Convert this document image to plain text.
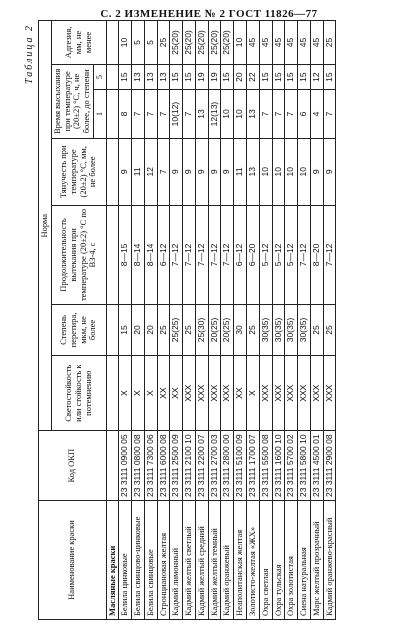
С. 2 ИЗМЕНЕНИЕ № 2 ГОСТ 11826—77
Таблица 2
Наименование краски	Код ОКП	Норма						
		Светостойкость или стойкость к потемнению	Степень перетира, мкм, не более	Продолжительность вытекания при температуре (20±2) °С по ВЗ-4, с	Тянучесть при температуре (20±2) °С, мм, не более	Время высыхания при температуре (20±2) °С, ч, не более, до степени		Адгезия, мм, не менее
						1	5	
Масляные краски								
Белила цинковые	23 3111 0900 05	Х	15	8—15	9	8	15	10
Белила свинцово-цинковые	23 3111 0800 08	Х	20	8—14	11	7	13	5
Белила свинцовые	23 3111 7300 06	Х	20	8—14	12	7	13	5
Стронциановая желтая	23 3111 6000 08	ХХ	25	6—12	7	7	13	25
Кадмий лимонный	23 3111 2500 09	ХХ	25(25)	7—12	9	10(12)	15	25(20)
Кадмий желтый светлый	23 3111 2100 10	ХХХ	25	7—12	9	7	15	25(20)
Кадмий желтый средний	23 3111 2200 07	ХХХ	25(30)	7—12	9	13	19	25(20)
Кадмий желтый темный	23 3111 2700 03	ХХХ	20(25)	7—12	9	12(13)	19	25(20)
Кадмий оранжевый	23 3111 2800 00	ХХХ	20(25)	7—12	9	10	15	25(20)
Неаполитанская желтая	23 3111 5100 09	ХХ	30	6—12	11	10	20	10
Золотисто-желтая «ЖХ»	23 3111 1700 07	Х	25	6—20	13	13	22	45
Охра светлая	23 3111 5500 08	ХХХ	30(35)	5—12	10	7	15	45
Охра тульская	23 3111 1600 10	ХХХ	30(35)	5—12	10	7	15	45
Охра золотистая	23 3111 5700 02	ХХХ	30(35)	5—12	10	7	15	45
Сиена натуральная	23 3111 5800 10	ХХХ	30(35)	7—12	10	6	15	45
Марс желтый прозрачный	23 3111 4500 01	ХХХ	25	8—20	9	4	12	45
Кадмий оранжево-красный	23 3111 2900 08	ХХХ	25	7—12	9	7	15	25
